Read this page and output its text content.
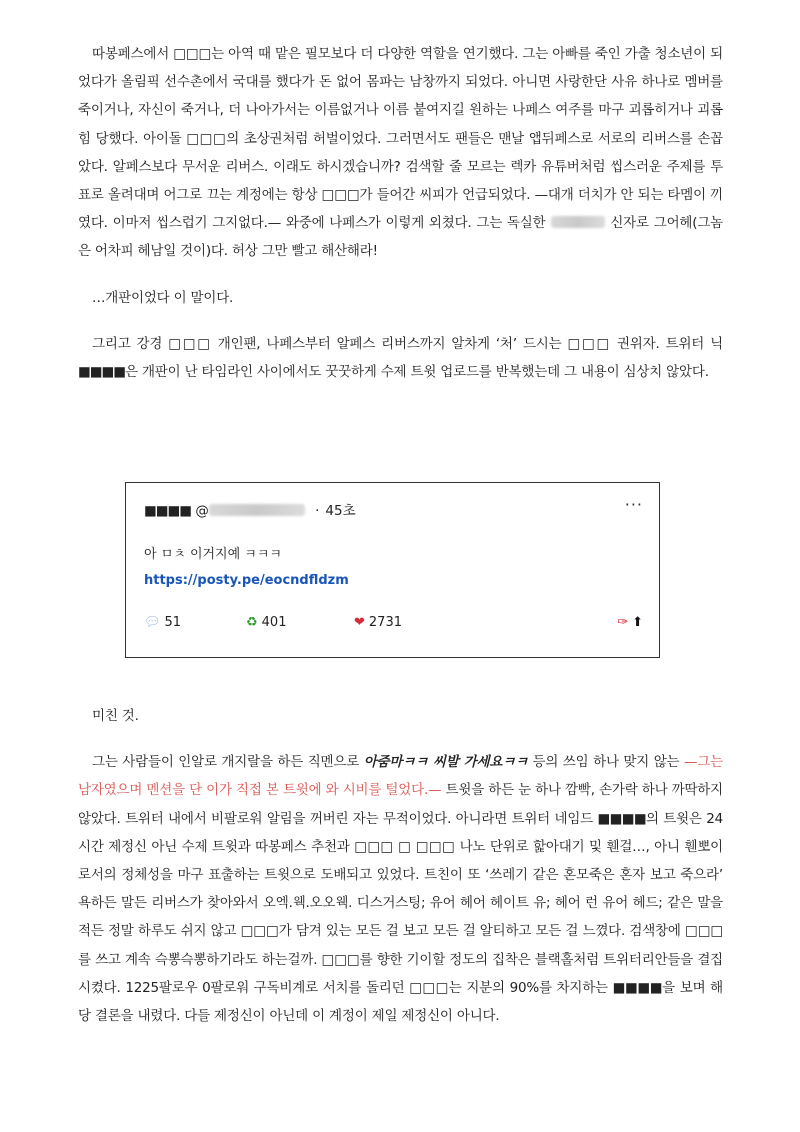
따봉페스에서 □□□는 아역 때 맡은 필모보다 더 다양한 역할을 연기했다. 그는 아빠를 죽인 가출 청소년이 되었다가 올림픽 선수촌에서 국대를 했다가 돈 없어 몸파는 남창까지 되었다. 아니면 사랑한단 사유 하나로 멤버를 죽이거나, 자신이 죽거나, 더 나아가서는 이름없거나 이름 붙여지길 원하는 나페스 여주를 마구 괴롭히거나 괴롭힘 당했다. 아이돌 □□□의 초상권처럼 허벌이었다. 그러면서도 팬들은 맨날 앱뒤페스로 서로의 리버스를 손꼽았다. 알페스보다 무서운 리버스. 이래도 하시겠습니까? 검색할 줄 모르는 렉카 유튜버처럼 씹스러운 주제를 투표로 올려대며 어그로 끄는 계정에는 항상 □□□가 들어간 씨피가 언급되었다. —대개 더치가 안 되는 타멤이 끼였다. 이마저 씹스럽기 그지없다.— 와중에 나페스가 이렇게 외쳤다. 그는 독실한	신자로 그어헤(그놈은 어차피 헤남일 것이)다. 허상 그만 빨고 해산해라!

…개판이었다 이 말이다.

그리고 강경 □□□ 개인팬, 나페스부터 알페스 리버스까지 알차게 ‘처’ 드시는 □□□ 권위자. 트위터 닉 ■■■■은 개판이 난 타임라인 사이에서도 꿋꿋하게 수제 트윗 업로드를 반복했는데 그 내용이 심상치 않았다.

■■■■ @	· 45초	···
아 ㅁㅊ 이거지예 ㅋㅋㅋ
https://posty.pe/eocndfldzm
💬︎ 51	♻ 401	❤ 2731	✑ ⬆

미친 것.

그는 사람들이 인알로 개지랄을 하든 직멘으로 아줌마ㅋㅋ 씨발 가세요ㅋㅋ 등의 쓰임 하나 맞지 않는 —그는 남자였으며 멘션을 단 이가 직접 본 트윗에 와 시비를 털었다.— 트윗을 하든 눈 하나 깜빡, 손가락 하나 까딱하지 않았다. 트위터 내에서 비팔로워 알림을 꺼버린 자는 무적이었다. 아니라면 트위터 네임드 ■■■■의 트윗은 24시간 제정신 아닌 수제 트윗과 따봉페스 추천과 □□□ □ □□□ 나노 단위로 핥아대기 및 휀걸…, 아니 휀뽀이로서의 정체성을 마구 표출하는 트윗으로 도배되고 있었다. 트친이 또 ‘쓰레기 같은 혼모죽은 혼자 보고 죽으라’ 욕하든 말든 리버스가 찾아와서 오엑.웩.오오웩. 디스거스팅; 유어 헤어 헤이트 유; 헤어 런 유어 헤드; 같은 말을 적든 정말 하루도 쉬지 않고 □□□가 담겨 있는 모든 걸 보고 모든 걸 알티하고 모든 걸 느꼈다. 검색창에 □□□를 쓰고 계속 슥뽕슥뽕하기라도 하는걸까. □□□를 향한 기이할 정도의 집착은 블랙홀처럼 트위터리안들을 결집시켰다. 1225팔로우 0팔로워 구독비계로 서치를 돌리던 □□□는 지분의 90%를 차지하는 ■■■■을 보며 해당 결론을 내렸다. 다들 제정신이 아닌데 이 계정이 제일 제정신이 아니다.
